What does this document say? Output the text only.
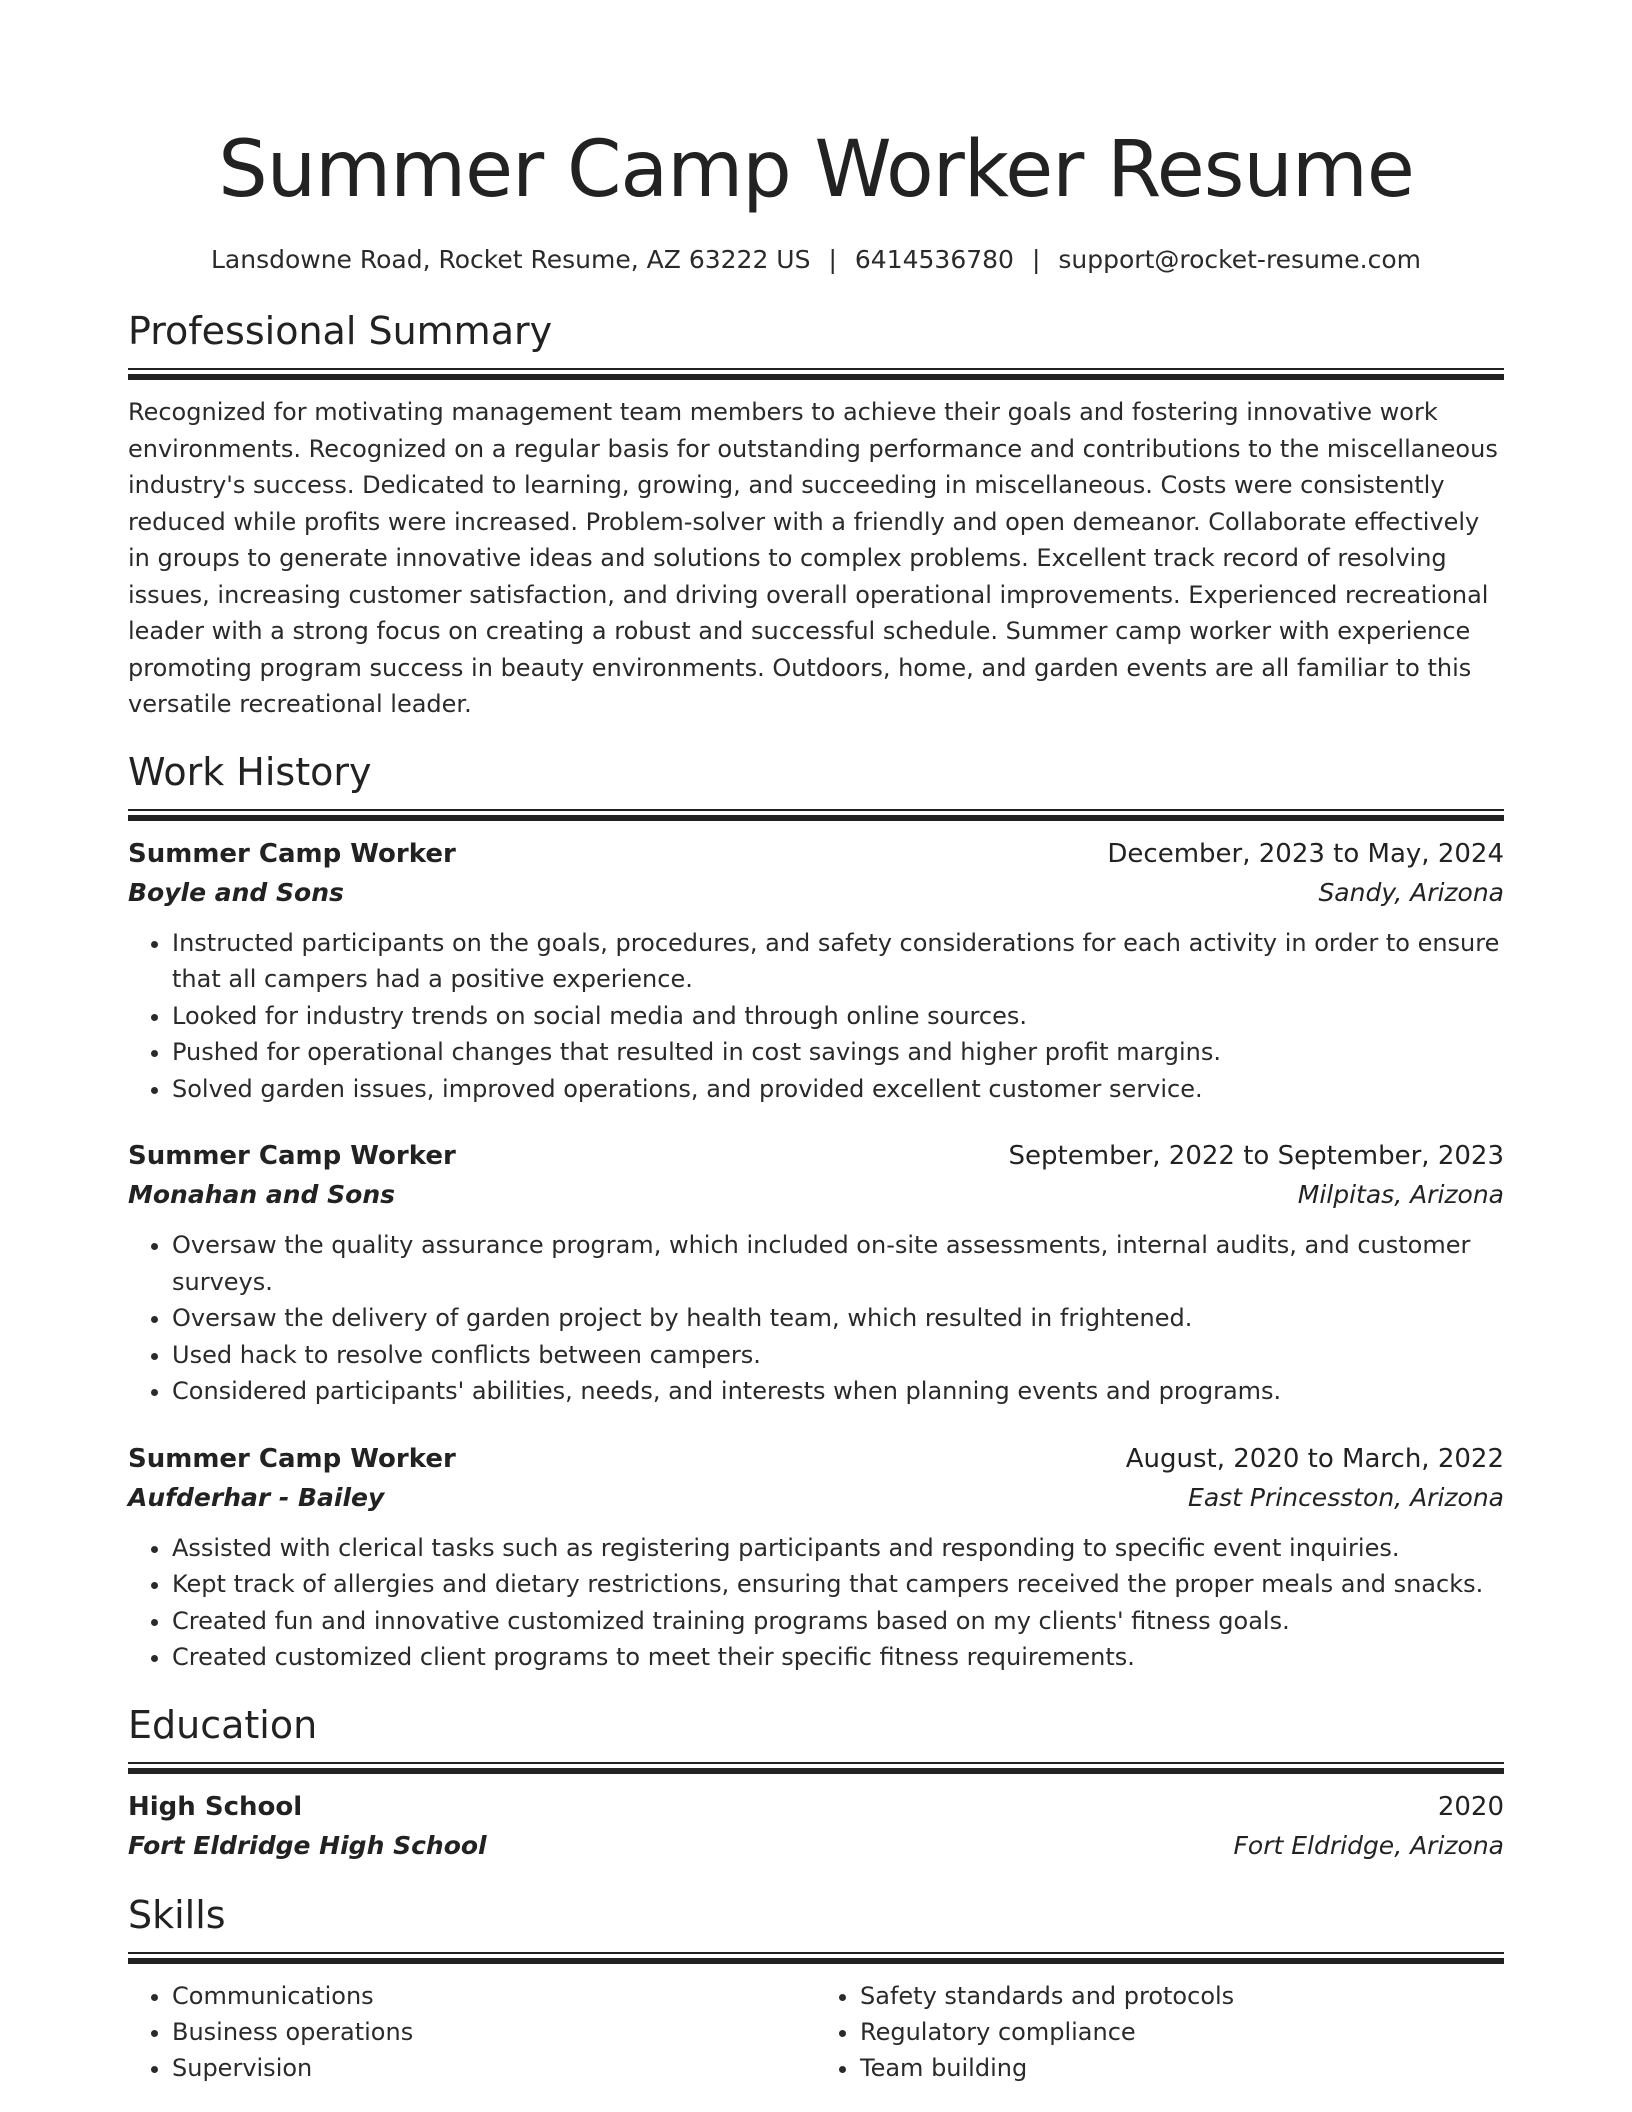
Summer Camp Worker Resume
Lansdowne Road, Rocket Resume, AZ 63222 US | 6414536780 | support@rocket-resume.com
Professional Summary
Recognized for motivating management team members to achieve their goals and fostering innovative work environments. Recognized on a regular basis for outstanding performance and contributions to the miscellaneous industry's success. Dedicated to learning, growing, and succeeding in miscellaneous. Costs were consistently reduced while profits were increased. Problem-solver with a friendly and open demeanor. Collaborate effectively in groups to generate innovative ideas and solutions to complex problems. Excellent track record of resolving issues, increasing customer satisfaction, and driving overall operational improvements. Experienced recreational leader with a strong focus on creating a robust and successful schedule. Summer camp worker with experience promoting program success in beauty environments. Outdoors, home, and garden events are all familiar to this versatile recreational leader.
Work History
Summer Camp Worker	December, 2023 to May, 2024
Boyle and Sons	Sandy, Arizona
• Instructed participants on the goals, procedures, and safety considerations for each activity in order to ensure that all campers had a positive experience.
• Looked for industry trends on social media and through online sources.
• Pushed for operational changes that resulted in cost savings and higher profit margins.
• Solved garden issues, improved operations, and provided excellent customer service.
Summer Camp Worker	September, 2022 to September, 2023
Monahan and Sons	Milpitas, Arizona
• Oversaw the quality assurance program, which included on-site assessments, internal audits, and customer surveys.
• Oversaw the delivery of garden project by health team, which resulted in frightened.
• Used hack to resolve conflicts between campers.
• Considered participants' abilities, needs, and interests when planning events and programs.
Summer Camp Worker	August, 2020 to March, 2022
Aufderhar - Bailey	East Princesston, Arizona
• Assisted with clerical tasks such as registering participants and responding to specific event inquiries.
• Kept track of allergies and dietary restrictions, ensuring that campers received the proper meals and snacks.
• Created fun and innovative customized training programs based on my clients' fitness goals.
• Created customized client programs to meet their specific fitness requirements.
Education
High School	2020
Fort Eldridge High School	Fort Eldridge, Arizona
Skills
• Communications
• Business operations
• Supervision
• Safety standards and protocols
• Regulatory compliance
• Team building
